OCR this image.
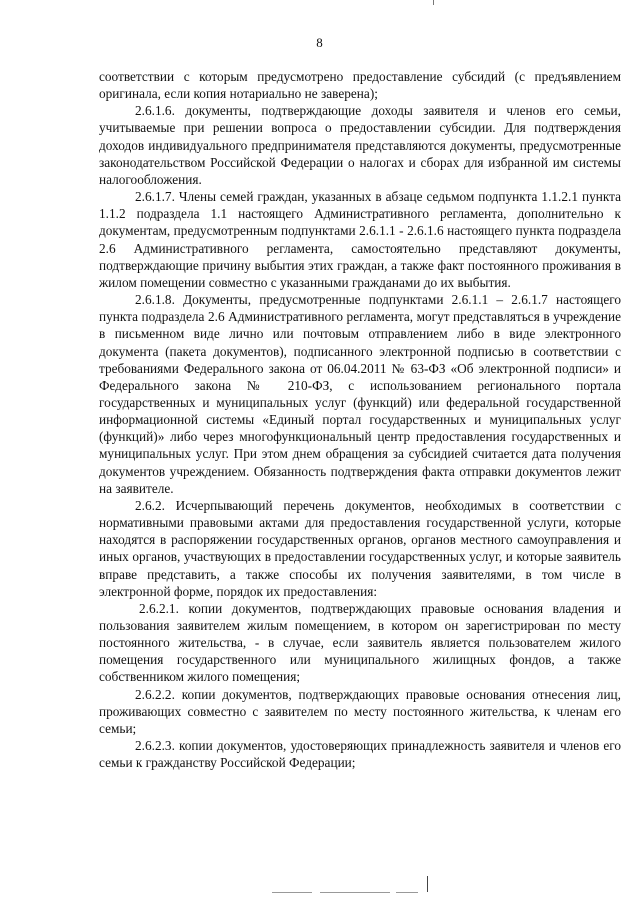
8

соответствии с которым предусмотрено предоставление субсидий (с предъявлением оригинала, если копия нотариально не заверена);

2.6.1.6. документы, подтверждающие доходы заявителя и членов его семьи, учитываемые при решении вопроса о предоставлении субсидии. Для подтверждения доходов индивидуального предпринимателя представляются документы, предусмотренные законодательством Российской Федерации о налогах и сборах для избранной им системы налогообложения.

2.6.1.7. Члены семей граждан, указанных в абзаце седьмом подпункта 1.1.2.1 пункта 1.1.2 подраздела 1.1 настоящего Административного регламента, дополнительно к документам, предусмотренным подпунктами 2.6.1.1 - 2.6.1.6 настоящего пункта подраздела 2.6 Административного регламента, самостоятельно представляют документы, подтверждающие причину выбытия этих граждан, а также факт постоянного проживания в жилом помещении совместно с указанными гражданами до их выбытия.

2.6.1.8. Документы, предусмотренные подпунктами 2.6.1.1 – 2.6.1.7 настоящего пункта подраздела 2.6 Административного регламента, могут представляться в учреждение в письменном виде лично или почтовым отправлением либо в виде электронного документа (пакета документов), подписанного электронной подписью в соответствии с требованиями Федерального закона от 06.04.2011 № 63-ФЗ «Об электронной подписи» и Федерального закона № 210-ФЗ, с использованием регионального портала государственных и муниципальных услуг (функций) или федеральной государственной информационной системы «Единый портал государственных и муниципальных услуг (функций)» либо через многофункциональный центр предоставления государственных и муниципальных услуг. При этом днем обращения за субсидией считается дата получения документов учреждением. Обязанность подтверждения факта отправки документов лежит на заявителе.

2.6.2. Исчерпывающий перечень документов, необходимых в соответствии с нормативными правовыми актами для предоставления государственной услуги, которые находятся в распоряжении государственных органов, органов местного самоуправления и иных органов, участвующих в предоставлении государственных услуг, и которые заявитель вправе представить, а также способы их получения заявителями, в том числе в электронной форме, порядок их предоставления:

2.6.2.1. копии документов, подтверждающих правовые основания владения и пользования заявителем жилым помещением, в котором он зарегистрирован по месту постоянного жительства, - в случае, если заявитель является пользователем жилого помещения государственного или муниципального жилищных фондов, а также собственником жилого помещения;

2.6.2.2. копии документов, подтверждающих правовые основания отнесения лиц, проживающих совместно с заявителем по месту постоянного жительства, к членам его семьи;

2.6.2.3. копии документов, удостоверяющих принадлежность заявителя и членов его семьи к гражданству Российской Федерации;
